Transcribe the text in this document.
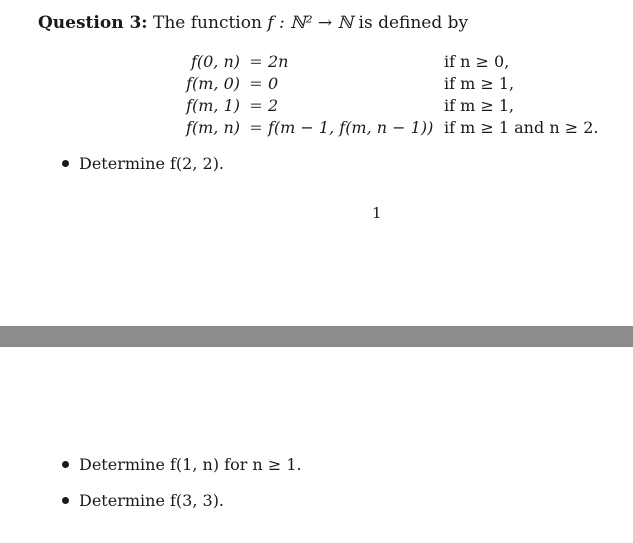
Question 3: The function f : ℕ² → ℕ is defined by
f(0, n) = 2n	if n ≥ 0,
f(m, 0) = 0	if m ≥ 1,
f(m, 1) = 2	if m ≥ 1,
f(m, n) = f(m − 1, f(m, n − 1)) if m ≥ 1 and n ≥ 2.
Determine f(2, 2).
1
Determine f(1, n) for n ≥ 1.
Determine f(3, 3).
